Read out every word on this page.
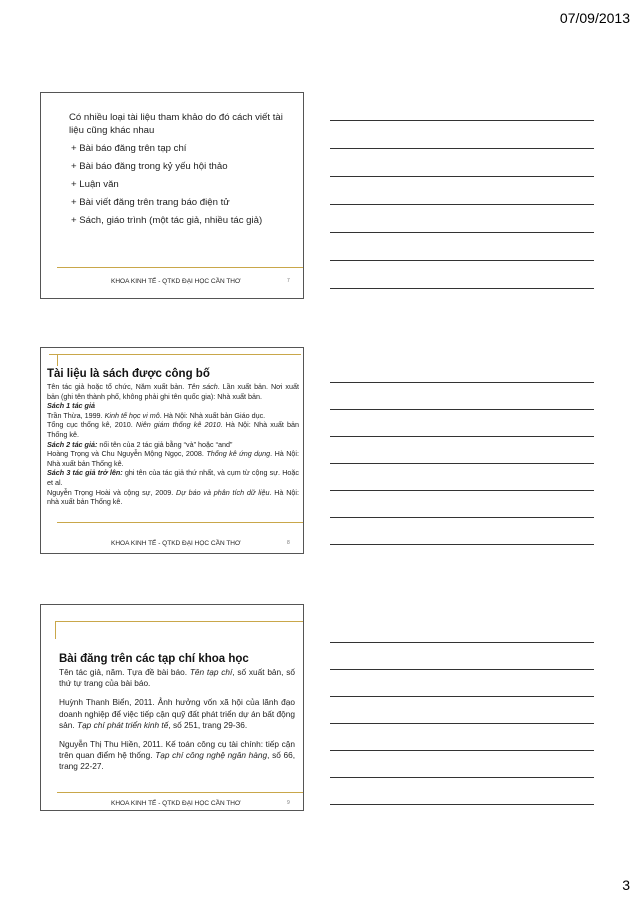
07/09/2013
Có nhiều loại tài liệu tham khảo do đó cách viết tài liệu cũng khác nhau
+ Bài báo đăng trên tạp chí
+ Bài báo đăng trong kỷ yếu hội thảo
+ Luận văn
+ Bài viết đăng trên trang báo điện tử
+ Sách, giáo trình (một tác giả, nhiều tác giả)
KHOA KINH TẾ - QTKD ĐẠI HỌC CẦN THƠ	7
Tài liệu là sách được công bố

Tên tác giả hoặc tổ chức, Năm xuất bản. Tên sách. Lần xuất bản. Nơi xuất bản (ghi tên thành phố, không phải ghi tên quốc gia): Nhà xuất bản.

Sách 1 tác giả

Trần Thừa, 1999. Kinh tế học vi mô. Hà Nội: Nhà xuất bản Giáo dục.

Tổng cục thống kê, 2010. Niên giám thống kê 2010. Hà Nội: Nhà xuất bản Thống kê.

Sách 2 tác giả: nối tên của 2 tác giả bằng “và” hoặc “and”

Hoàng Trọng và Chu Nguyễn Mộng Ngọc, 2008. Thống kê ứng dụng. Hà Nội: Nhà xuất bản Thống kê.

Sách 3 tác giả trở lên: ghi tên của tác giả thứ nhất, và cụm từ cộng sự. Hoặc et al.

Nguyễn Trọng Hoài và cộng sự, 2009. Dự báo và phân tích dữ liệu. Hà Nội: nhà xuất bản Thống kê.

KHOA KINH TẾ - QTKD ĐẠI HỌC CẦN THƠ	8
Bài đăng trên các tạp chí khoa học

Tên tác giả, năm. Tựa đề bài báo. Tên tạp chí, số xuất bản, số thứ tự trang của bài báo.

Huỳnh Thanh Biển, 2011. Ảnh hưởng vốn xã hội của lãnh đạo doanh nghiệp để việc tiếp cận quỹ đất phát triển dự án bất động sản. Tạp chí phát triển kinh tế, số 251, trang 29-36.

Nguyễn Thị Thu Hiền, 2011. Kế toán công cụ tài chính: tiếp cận trên quan điểm hệ thống. Tạp chí công nghệ ngân hàng, số 66, trang 22-27.

KHOA KINH TẾ - QTKD ĐẠI HỌC CẦN THƠ	9
3
